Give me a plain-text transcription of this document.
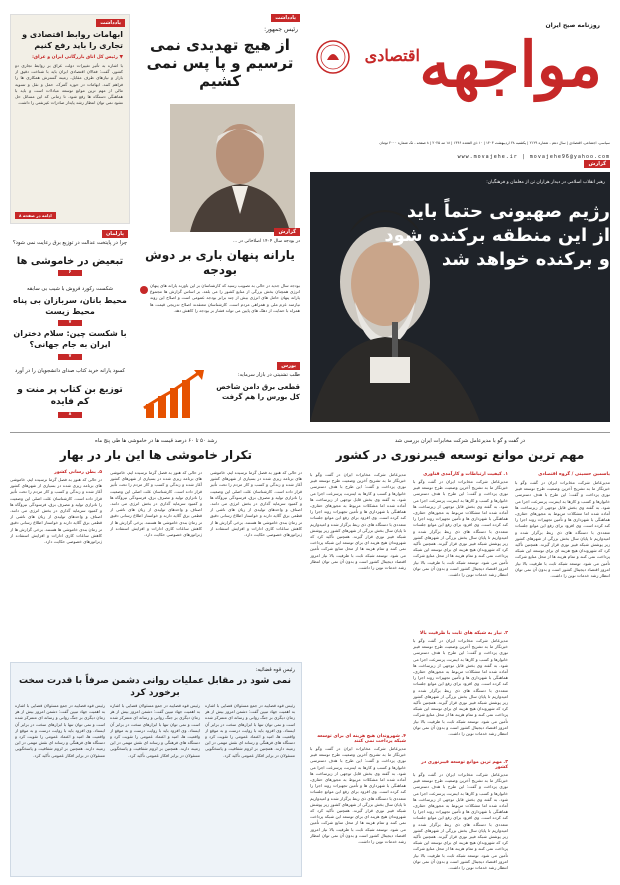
روزنامه صبح ایران
مواجهه
اقتصادی
سیاسی، اجتماعی، اقتصادی | سال دهم - شماره ۲۱۲۹ | یکشنبه ۲۸ اردیبهشت ۱۴۰۳ | ۱۰ ذی القعده ۱۴۴۶ | ۱۸ مه ۲۰۲۵ | ۸ صفحه - تک شماره ۲۰۰۰ تومان
www.movajehe.ir | movajehe96@yahoo.com
یادداشت
ابهامات روابط اقتصادی و تجاری را باید رفع کنیم
▼ رئیس کل اتاق بازرگانی ایران و عراق:
با اشاره به تأثیر تغییرات دولت عراق بر روابط تجاری دو کشور، گفت: فعالان اقتصادی ایران باید با شناخت دقیق از بازار و نیازهای طرف مقابل، زمینه گسترش همکاری ها را فراهم کنند. ابهامات در حوزه گمرک، حمل و نقل و تسویه مالی از مهم ترین موانع توسعه مبادلات است و باید با هماهنگی دستگاه ها رفع شود. تا زمانی که این مسائل حل نشود نمی توان انتظار رشد پایدار صادرات غیرنفتی را داشت.
ادامه در صفحه ۸
یادداشت
رئیس جمهور:
از هیچ تهدیدی نمی ترسیم و پا پس نمی کشیم
گزارش
در بودجه سال ۱۴۰۴ اصلاحاتی در ...
یارانه پنهان باری بر دوش بودجه
بودجه سال جدید در حالی به تصویب رسید که کارشناسان بر این باورند یارانه های پنهان انرژی همچنان بخش بزرگی از منابع کشور را می بلعد. بر اساس گزارش ها مجموع یارانه پنهان حامل های انرژی بیش از چند برابر بودجه عمومی است و اصلاح این روند نیازمند عزم ملی و همراهی مردم است. کارشناسان معتقدند اصلاح تدریجی قیمت ها همراه با حمایت از دهک های پایین می تواند فشار بر بودجه را کاهش دهد.
بورس
طلب تشنیتی در بازار سرمایه:
قطعی برق دامن شاخص کل بورس را هم گرفت
پارلمان
چرا در پایتخت عدالت در توزیع برق رعایت نمی شود؟
تبعیض در خاموشی ها
۶
شکست رکورد فروش با شیب بی سابقه
محیط بانان، سربازان بی پناه محیط زیست
۷
با شکست چین: سلام دختران ایران به جام جهانی؟
۷
کسود یارانه خرید کتاب صدای دانشجویان را در آورد
توزیع بن کتاب پر منت و کم فایده
۸
گزارش
رهبر انقلاب اسلامی در دیدار هزاران تن از معلمان و فرهنگیان:
رژیم صهیونی حتماً باید
از این منطقه برکنده شود
و برکنده خواهد شد
در گفت و گو با مدیرعامل شرکت مخابرات ایران بررسی شد
مهم ترین موانع توسعه فیبرنوری در کشور
یاسمین حسینی / گروه اقتصادی
مدیرعامل شرکت مخابرات ایران در گفت وگو با خبرنگار ما به تشریح آخرین وضعیت طرح توسعه فیبر نوری پرداخت و گفت: این طرح با هدف دسترسی خانوارها و کسب و کارها به اینترنت پرسرعت اجرا می شود. به گفته وی بخش قابل توجهی از زیرساخت ها آماده شده اما مشکلات مربوط به مجوزهای حفاری، هماهنگی با شهرداری ها و تأمین تجهیزات روند اجرا را کند کرده است. وی افزود برای رفع این موانع جلسات متعددی با دستگاه های ذی ربط برگزار شده و امیدواریم تا پایان سال بخش بزرگی از شهرهای کشور زیر پوشش شبکه فیبر نوری قرار گیرند. همچنین تأکید کرد که شهروندان هیچ هزینه ای برای توسعه این شبکه پرداخت نمی کنند و تمام هزینه ها از محل منابع شرکت تأمین می شود. توسعه شبکه ثابت با ظرفیت بالا نیاز امروز اقتصاد دیجیتال کشور است و بدون آن نمی توان انتظار رشد خدمات نوین را داشت.
۱. کیفیت ارتباطات و کارآمدی فناوری
مدیرعامل شرکت مخابرات ایران در گفت وگو با خبرنگار ما به تشریح آخرین وضعیت طرح توسعه فیبر نوری پرداخت و گفت: این طرح با هدف دسترسی خانوارها و کسب و کارها به اینترنت پرسرعت اجرا می شود. به گفته وی بخش قابل توجهی از زیرساخت ها آماده شده اما مشکلات مربوط به مجوزهای حفاری، هماهنگی با شهرداری ها و تأمین تجهیزات روند اجرا را کند کرده است. وی افزود برای رفع این موانع جلسات متعددی با دستگاه های ذی ربط برگزار شده و امیدواریم تا پایان سال بخش بزرگی از شهرهای کشور زیر پوشش شبکه فیبر نوری قرار گیرند. همچنین تأکید کرد که شهروندان هیچ هزینه ای برای توسعه این شبکه پرداخت نمی کنند و تمام هزینه ها از محل منابع شرکت تأمین می شود. توسعه شبکه ثابت با ظرفیت بالا نیاز امروز اقتصاد دیجیتال کشور است و بدون آن نمی توان انتظار رشد خدمات نوین را داشت.
۲. نیاز به شبکه های ثابت با ظرفیت بالا
مدیرعامل شرکت مخابرات ایران در گفت وگو با خبرنگار ما به تشریح آخرین وضعیت طرح توسعه فیبر نوری پرداخت و گفت: این طرح با هدف دسترسی خانوارها و کسب و کارها به اینترنت پرسرعت اجرا می شود. به گفته وی بخش قابل توجهی از زیرساخت ها آماده شده اما مشکلات مربوط به مجوزهای حفاری، هماهنگی با شهرداری ها و تأمین تجهیزات روند اجرا را کند کرده است. وی افزود برای رفع این موانع جلسات متعددی با دستگاه های ذی ربط برگزار شده و امیدواریم تا پایان سال بخش بزرگی از شهرهای کشور زیر پوشش شبکه فیبر نوری قرار گیرند. همچنین تأکید کرد که شهروندان هیچ هزینه ای برای توسعه این شبکه پرداخت نمی کنند و تمام هزینه ها از محل منابع شرکت تأمین می شود. توسعه شبکه ثابت با ظرفیت بالا نیاز امروز اقتصاد دیجیتال کشور است و بدون آن نمی توان انتظار رشد خدمات نوین را داشت.
۳. مهم ترین موانع توسعه فیبرنوری در کشور
مدیرعامل شرکت مخابرات ایران در گفت وگو با خبرنگار ما به تشریح آخرین وضعیت طرح توسعه فیبر نوری پرداخت و گفت: این طرح با هدف دسترسی خانوارها و کسب و کارها به اینترنت پرسرعت اجرا می شود. به گفته وی بخش قابل توجهی از زیرساخت ها آماده شده اما مشکلات مربوط به مجوزهای حفاری، هماهنگی با شهرداری ها و تأمین تجهیزات روند اجرا را کند کرده است. وی افزود برای رفع این موانع جلسات متعددی با دستگاه های ذی ربط برگزار شده و امیدواریم تا پایان سال بخش بزرگی از شهرهای کشور زیر پوشش شبکه فیبر نوری قرار گیرند. همچنین تأکید کرد که شهروندان هیچ هزینه ای برای توسعه این شبکه پرداخت نمی کنند و تمام هزینه ها از محل منابع شرکت تأمین می شود. توسعه شبکه ثابت با ظرفیت بالا نیاز امروز اقتصاد دیجیتال کشور است و بدون آن نمی توان انتظار رشد خدمات نوین را داشت.
مدیرعامل شرکت مخابرات ایران در گفت وگو با خبرنگار ما به تشریح آخرین وضعیت طرح توسعه فیبر نوری پرداخت و گفت: این طرح با هدف دسترسی خانوارها و کسب و کارها به اینترنت پرسرعت اجرا می شود. به گفته وی بخش قابل توجهی از زیرساخت ها آماده شده اما مشکلات مربوط به مجوزهای حفاری، هماهنگی با شهرداری ها و تأمین تجهیزات روند اجرا را کند کرده است. وی افزود برای رفع این موانع جلسات متعددی با دستگاه های ذی ربط برگزار شده و امیدواریم تا پایان سال بخش بزرگی از شهرهای کشور زیر پوشش شبکه فیبر نوری قرار گیرند. همچنین تأکید کرد که شهروندان هیچ هزینه ای برای توسعه این شبکه پرداخت نمی کنند و تمام هزینه ها از محل منابع شرکت تأمین می شود. توسعه شبکه ثابت با ظرفیت بالا نیاز امروز اقتصاد دیجیتال کشور است و بدون آن نمی توان انتظار رشد خدمات نوین را داشت.
۴. شهروندان هیچ هزینه ای برای توسعه شبکه پرداخت نمی کنند
مدیرعامل شرکت مخابرات ایران در گفت وگو با خبرنگار ما به تشریح آخرین وضعیت طرح توسعه فیبر نوری پرداخت و گفت: این طرح با هدف دسترسی خانوارها و کسب و کارها به اینترنت پرسرعت اجرا می شود. به گفته وی بخش قابل توجهی از زیرساخت ها آماده شده اما مشکلات مربوط به مجوزهای حفاری، هماهنگی با شهرداری ها و تأمین تجهیزات روند اجرا را کند کرده است. وی افزود برای رفع این موانع جلسات متعددی با دستگاه های ذی ربط برگزار شده و امیدواریم تا پایان سال بخش بزرگی از شهرهای کشور زیر پوشش شبکه فیبر نوری قرار گیرند. همچنین تأکید کرد که شهروندان هیچ هزینه ای برای توسعه این شبکه پرداخت نمی کنند و تمام هزینه ها از محل منابع شرکت تأمین می شود. توسعه شبکه ثابت با ظرفیت بالا نیاز امروز اقتصاد دیجیتال کشور است و بدون آن نمی توان انتظار رشد خدمات نوین را داشت.
رشد ۵۰ تا ۶۰ درصد قیمت ها در خاموشی ها طی پنج ماه
تکرار خاموشی ها این بار در بهار
در حالی که هنوز به فصل گرما نرسیده ایم، خاموشی های برنامه ریزی شده در بسیاری از شهرهای کشور آغاز شده و زندگی و کسب و کار مردم را تحت تأثیر قرار داده است. کارشناسان علت اصلی این وضعیت را ناترازی تولید و مصرف برق، فرسودگی نیروگاه ها و کمبود سرمایه گذاری در بخش انرژی می دانند. اصناف و واحدهای تولیدی از زیان های ناشی از قطعی برق گلایه دارند و خواستار اطلاع رسانی دقیق تر زمان بندی خاموشی ها هستند. برخی گزارش ها از کاهش ساعات کاری ادارات و افزایش استفاده از ژنراتورهای خصوصی حکایت دارد.
در حالی که هنوز به فصل گرما نرسیده ایم، خاموشی های برنامه ریزی شده در بسیاری از شهرهای کشور آغاز شده و زندگی و کسب و کار مردم را تحت تأثیر قرار داده است. کارشناسان علت اصلی این وضعیت را ناترازی تولید و مصرف برق، فرسودگی نیروگاه ها و کمبود سرمایه گذاری در بخش انرژی می دانند. اصناف و واحدهای تولیدی از زیان های ناشی از قطعی برق گلایه دارند و خواستار اطلاع رسانی دقیق تر زمان بندی خاموشی ها هستند. برخی گزارش ها از کاهش ساعات کاری ادارات و افزایش استفاده از ژنراتورهای خصوصی حکایت دارد.
۵. بطن رسانی کشور
در حالی که هنوز به فصل گرما نرسیده ایم، خاموشی های برنامه ریزی شده در بسیاری از شهرهای کشور آغاز شده و زندگی و کسب و کار مردم را تحت تأثیر قرار داده است. کارشناسان علت اصلی این وضعیت را ناترازی تولید و مصرف برق، فرسودگی نیروگاه ها و کمبود سرمایه گذاری در بخش انرژی می دانند. اصناف و واحدهای تولیدی از زیان های ناشی از قطعی برق گلایه دارند و خواستار اطلاع رسانی دقیق تر زمان بندی خاموشی ها هستند. برخی گزارش ها از کاهش ساعات کاری ادارات و افزایش استفاده از ژنراتورهای خصوصی حکایت دارد.
رئیس قوه قضائیه:
نمی شود در مقابل عملیات روانی دشمن صرفاً با قدرت سخت برخورد کرد
رئیس قوه قضاییه در جمع مسئولان قضایی با اشاره به اهمیت جهاد تبیین گفت: دشمن امروز بیش از هر زمان دیگری بر جنگ روانی و رسانه ای متمرکز شده است و نمی توان تنها با ابزارهای سخت در برابر آن ایستاد. وی افزود باید با روایت درست و به موقع از واقعیت ها، امید و اعتماد عمومی را تقویت کرد و دستگاه های فرهنگی و رسانه ای نقش مهمی در این زمینه دارند. همچنین بر لزوم شفافیت و پاسخگویی مسئولان در برابر افکار عمومی تأکید کرد.
رئیس قوه قضاییه در جمع مسئولان قضایی با اشاره به اهمیت جهاد تبیین گفت: دشمن امروز بیش از هر زمان دیگری بر جنگ روانی و رسانه ای متمرکز شده است و نمی توان تنها با ابزارهای سخت در برابر آن ایستاد. وی افزود باید با روایت درست و به موقع از واقعیت ها، امید و اعتماد عمومی را تقویت کرد و دستگاه های فرهنگی و رسانه ای نقش مهمی در این زمینه دارند. همچنین بر لزوم شفافیت و پاسخگویی مسئولان در برابر افکار عمومی تأکید کرد.
رئیس قوه قضاییه در جمع مسئولان قضایی با اشاره به اهمیت جهاد تبیین گفت: دشمن امروز بیش از هر زمان دیگری بر جنگ روانی و رسانه ای متمرکز شده است و نمی توان تنها با ابزارهای سخت در برابر آن ایستاد. وی افزود باید با روایت درست و به موقع از واقعیت ها، امید و اعتماد عمومی را تقویت کرد و دستگاه های فرهنگی و رسانه ای نقش مهمی در این زمینه دارند. همچنین بر لزوم شفافیت و پاسخگویی مسئولان در برابر افکار عمومی تأکید کرد.
